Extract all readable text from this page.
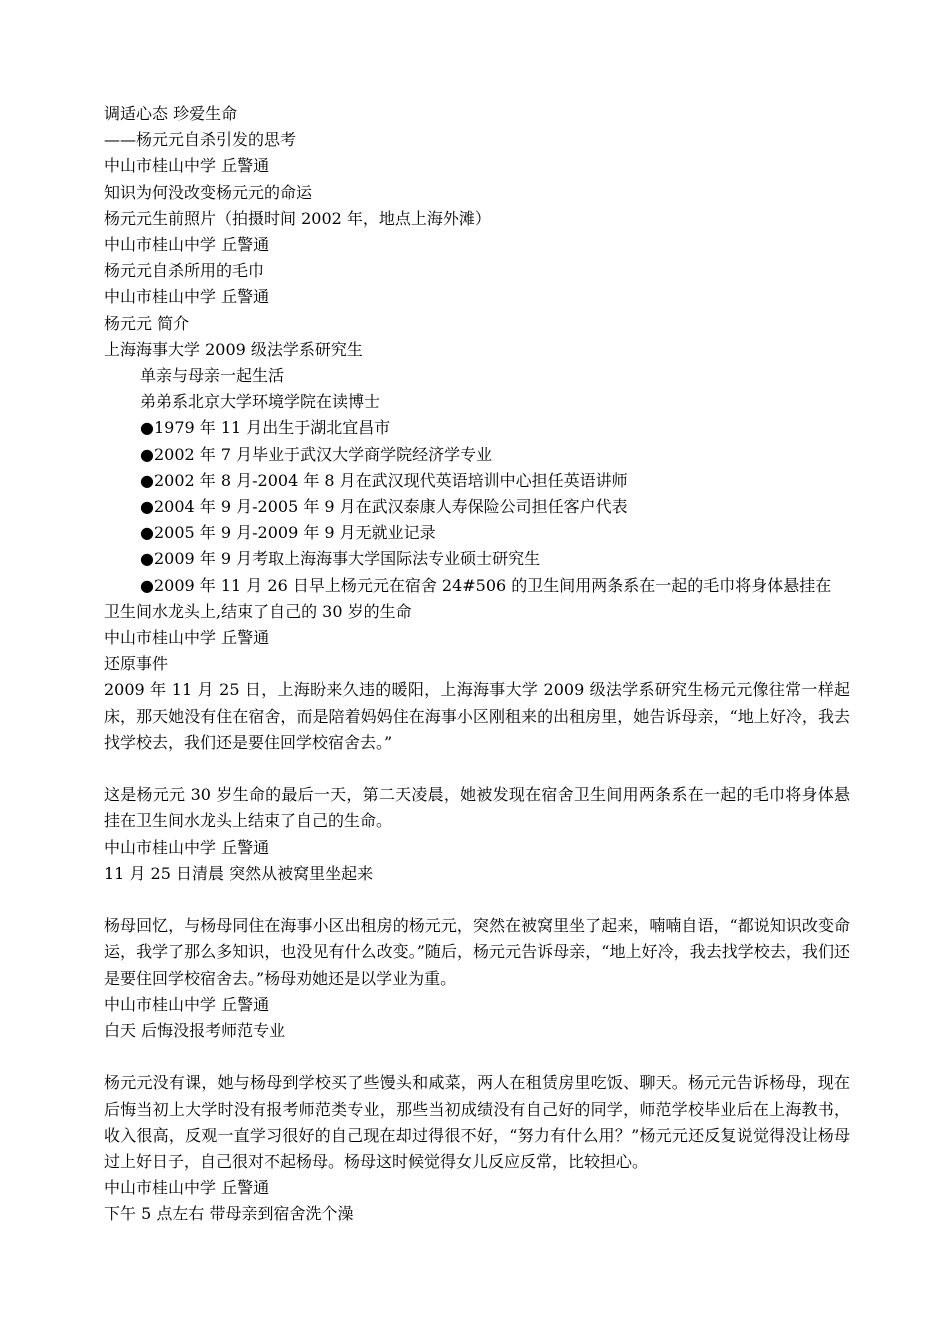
调适心态 珍爱生命

——杨元元自杀引发的思考

中山市桂山中学 丘警通

知识为何没改变杨元元的命运

杨元元生前照片（拍摄时间 2002 年，地点上海外滩）

中山市桂山中学 丘警通

杨元元自杀所用的毛巾

中山市桂山中学 丘警通

杨元元 简介

上海海事大学 2009 级法学系研究生

单亲与母亲一起生活

弟弟系北京大学环境学院在读博士

●1979 年 11 月出生于湖北宜昌市

●2002 年 7 月毕业于武汉大学商学院经济学专业

●2002 年 8 月-2004 年 8 月在武汉现代英语培训中心担任英语讲师

●2004 年 9 月-2005 年 9 月在武汉泰康人寿保险公司担任客户代表

●2005 年 9 月-2009 年 9 月无就业记录

●2009 年 9 月考取上海海事大学国际法专业硕士研究生

●2009 年 11 月 26 日早上杨元元在宿舍 24#506 的卫生间用两条系在一起的毛巾将身体悬挂在

卫生间水龙头上,结束了自己的 30 岁的生命

中山市桂山中学 丘警通

还原事件

2009 年 11 月 25 日，上海盼来久违的暖阳，上海海事大学 2009 级法学系研究生杨元元像往常一样起床，那天她没有住在宿舍，而是陪着妈妈住在海事小区刚租来的出租房里，她告诉母亲，“地上好冷，我去找学校去，我们还是要住回学校宿舍去。”

这是杨元元 30 岁生命的最后一天，第二天凌晨，她被发现在宿舍卫生间用两条系在一起的毛巾将身体悬挂在卫生间水龙头上结束了自己的生命。

中山市桂山中学 丘警通

11 月 25 日清晨 突然从被窝里坐起来

杨母回忆，与杨母同住在海事小区出租房的杨元元，突然在被窝里坐了起来，喃喃自语，“都说知识改变命运，我学了那么多知识，也没见有什么改变。”随后，杨元元告诉母亲，“地上好冷，我去找学校去，我们还是要住回学校宿舍去。”杨母劝她还是以学业为重。

中山市桂山中学 丘警通

白天 后悔没报考师范专业

杨元元没有课，她与杨母到学校买了些馒头和咸菜，两人在租赁房里吃饭、聊天。杨元元告诉杨母，现在后悔当初上大学时没有报考师范类专业，那些当初成绩没有自己好的同学，师范学校毕业后在上海教书，收入很高，反观一直学习很好的自己现在却过得很不好，“努力有什么用？”杨元元还反复说觉得没让杨母过上好日子，自己很对不起杨母。杨母这时候觉得女儿反应反常，比较担心。

中山市桂山中学 丘警通

下午 5 点左右 带母亲到宿舍洗个澡
